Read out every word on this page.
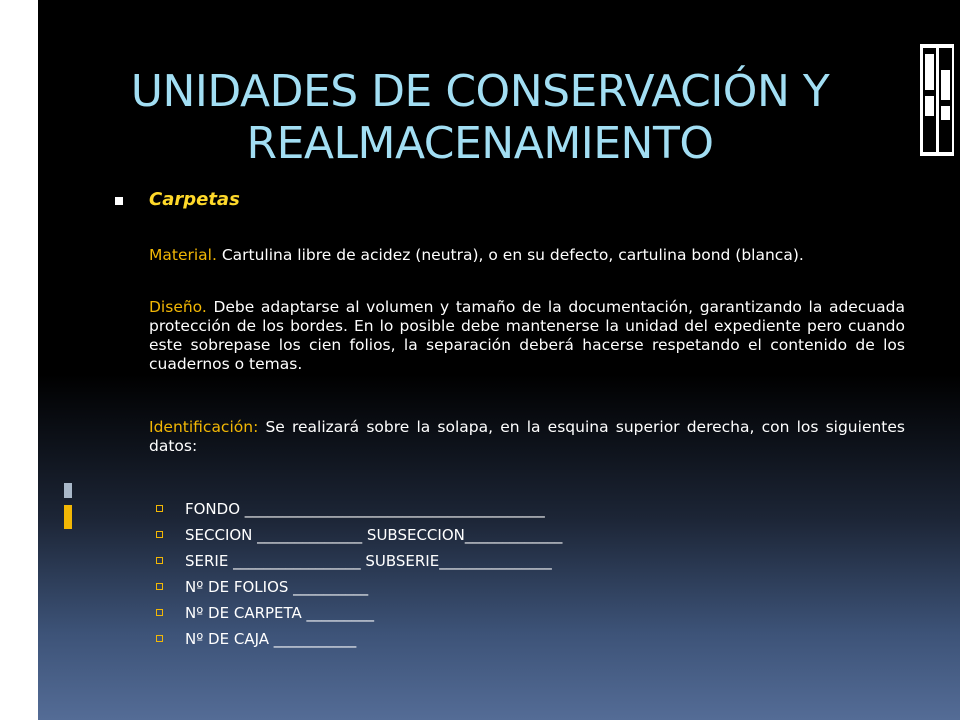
UNIDADES DE CONSERVACIÓN Y
REALMACENAMIENTO
Carpetas
Material. Cartulina libre de acidez (neutra), o en su defecto, cartulina bond (blanca).
Diseño. Debe adaptarse al volumen y tamaño de la documentación, garantizando la adecuada protección de los bordes. En lo posible debe mantenerse la unidad del expediente pero cuando este sobrepase los cien folios, la separación deberá hacerse respetando el contenido de los cuadernos o temas.
Identificación: Se realizará sobre la solapa, en la esquina superior derecha, con los siguientes datos:
FONDO ________________________________________
SECCION ______________ SUBSECCION_____________
SERIE _________________ SUBSERIE_______________
Nº DE FOLIOS __________
Nº DE CARPETA _________
Nº DE CAJA ___________
